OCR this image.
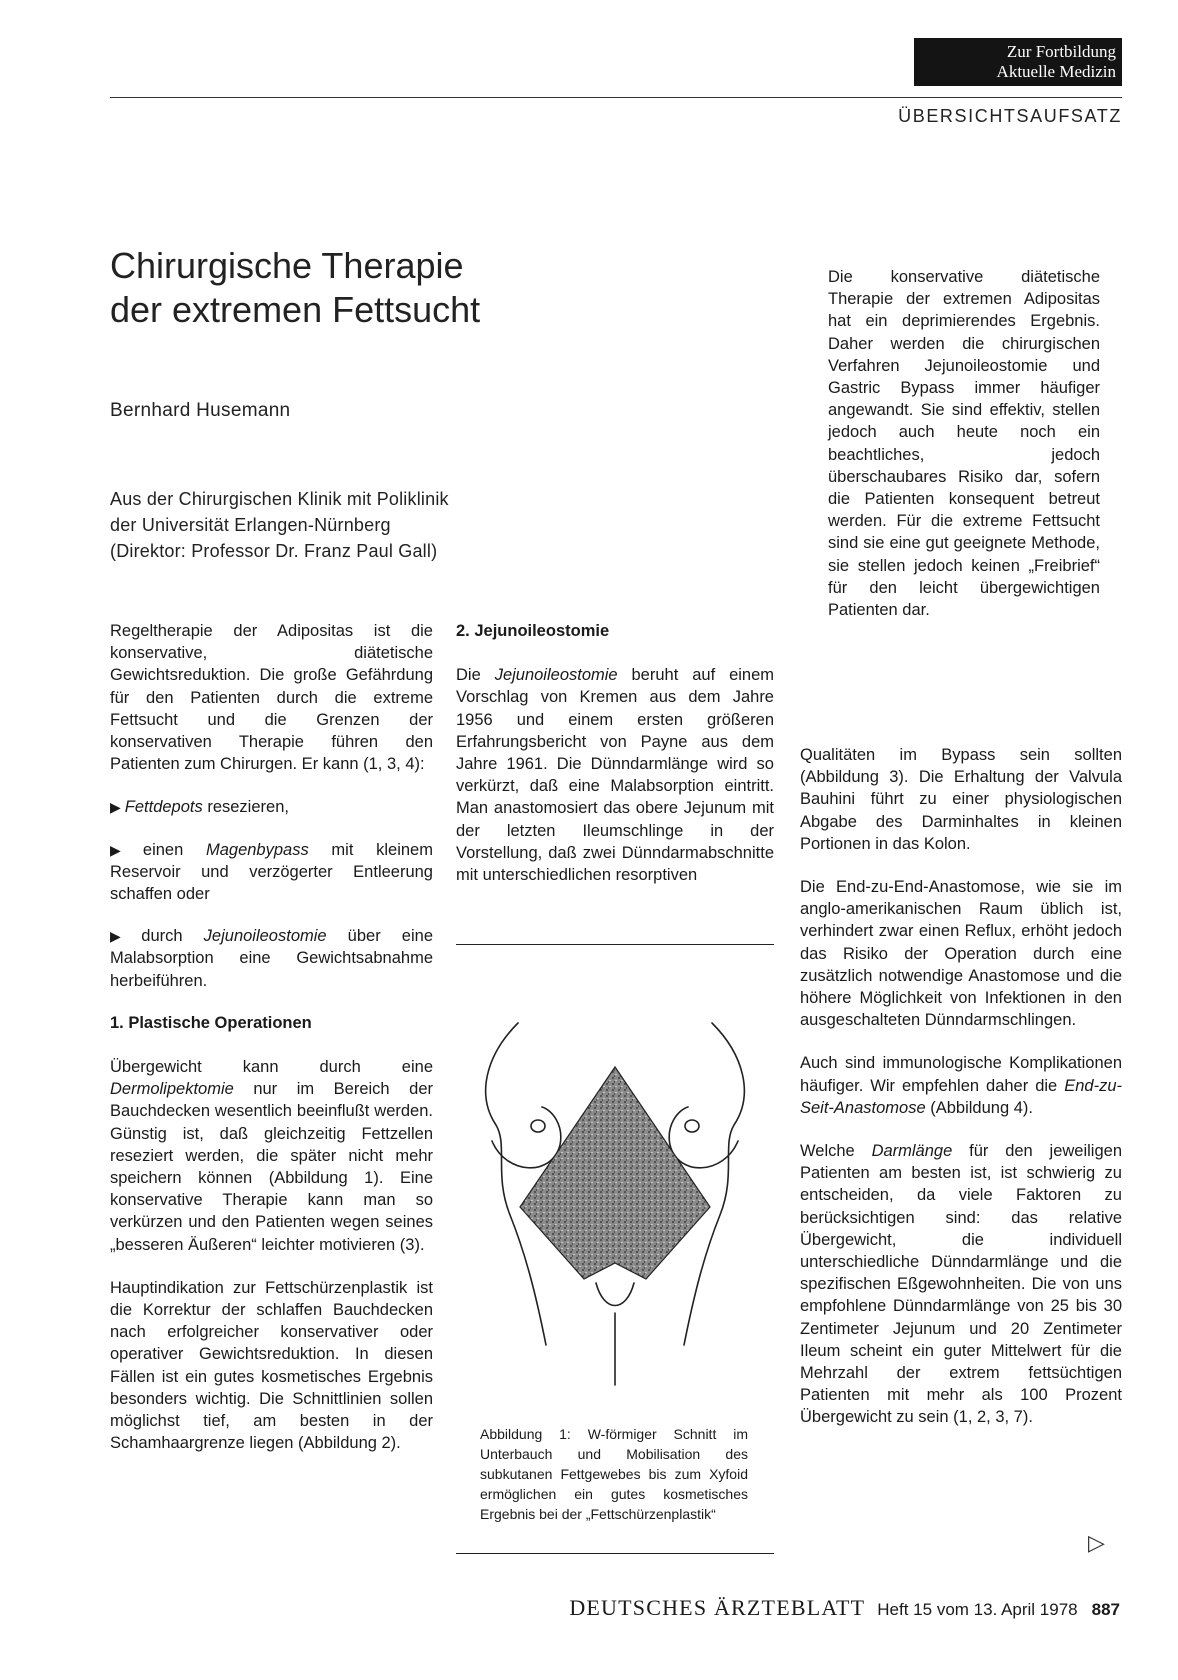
Zur Fortbildung
Aktuelle Medizin
ÜBERSICHTSAUFSATZ
Chirurgische Therapie
der extremen Fettsucht
Bernhard Husemann
Aus der Chirurgischen Klinik mit Poliklinik
der Universität Erlangen-Nürnberg
(Direktor: Professor Dr. Franz Paul Gall)
Die konservative diätetische Therapie der extremen Adipositas hat ein deprimierendes Ergebnis. Daher werden die chirurgischen Verfahren Jejunoileostomie und Gastric Bypass immer häufiger angewandt. Sie sind effektiv, stellen jedoch auch heute noch ein beachtliches, jedoch überschaubares Risiko dar, sofern die Patienten konsequent betreut werden. Für die extreme Fettsucht sind sie eine gut geeignete Methode, sie stellen jedoch keinen „Freibrief“ für den leicht übergewichtigen Patienten dar.

Regeltherapie der Adipositas ist die konservative, diätetische Gewichtsreduktion. Die große Gefährdung für den Patienten durch die extreme Fettsucht und die Grenzen der konservativen Therapie führen den Patienten zum Chirurgen. Er kann (1, 3, 4):

▶ Fettdepots resezieren,

▶ einen Magenbypass mit kleinem Reservoir und verzögerter Entleerung schaffen oder

▶ durch Jejunoileostomie über eine Malabsorption eine Gewichtsabnahme herbeiführen.

1. Plastische Operationen

Übergewicht kann durch eine Dermolipektomie nur im Bereich der Bauchdecken wesentlich beeinflußt werden. Günstig ist, daß gleichzeitig Fettzellen reseziert werden, die später nicht mehr speichern können (Abbildung 1). Eine konservative Therapie kann man so verkürzen und den Patienten wegen seines „besseren Äußeren“ leichter motivieren (3).

Hauptindikation zur Fettschürzenplastik ist die Korrektur der schlaffen Bauchdecken nach erfolgreicher konservativer oder operativer Gewichtsreduktion. In diesen Fällen ist ein gutes kosmetisches Ergebnis besonders wichtig. Die Schnittlinien sollen möglichst tief, am besten in der Schamhaargrenze liegen (Abbildung 2).

2. Jejunoileostomie

Die Jejunoileostomie beruht auf einem Vorschlag von Kremen aus dem Jahre 1956 und einem ersten größeren Erfahrungsbericht von Payne aus dem Jahre 1961. Die Dünndarmlänge wird so verkürzt, daß eine Malabsorption eintritt. Man anastomosiert das obere Jejunum mit der letzten Ileumschlinge in der Vorstellung, daß zwei Dünndarmabschnitte mit unterschiedlichen resorptiven

Abbildung 1: W-förmiger Schnitt im Unterbauch und Mobilisation des subkutanen Fettgewebes bis zum Xyfoid ermöglichen ein gutes kosmetisches Ergebnis bei der „Fettschürzenplastik“

Qualitäten im Bypass sein sollten (Abbildung 3). Die Erhaltung der Valvula Bauhini führt zu einer physiologischen Abgabe des Darminhaltes in kleinen Portionen in das Kolon.

Die End-zu-End-Anastomose, wie sie im anglo-amerikanischen Raum üblich ist, verhindert zwar einen Reflux, erhöht jedoch das Risiko der Operation durch eine zusätzlich notwendige Anastomose und die höhere Möglichkeit von Infektionen in den ausgeschalteten Dünndarmschlingen.

Auch sind immunologische Komplikationen häufiger. Wir empfehlen daher die End-zu-Seit-Anastomose (Abbildung 4).

Welche Darmlänge für den jeweiligen Patienten am besten ist, ist schwierig zu entscheiden, da viele Faktoren zu berücksichtigen sind: das relative Übergewicht, die individuell unterschiedliche Dünndarmlänge und die spezifischen Eßgewohnheiten. Die von uns empfohlene Dünndarmlänge von 25 bis 30 Zentimeter Jejunum und 20 Zentimeter Ileum scheint ein guter Mittelwert für die Mehrzahl der extrem fettsüchtigen Patienten mit mehr als 100 Prozent Übergewicht zu sein (1, 2, 3, 7).

▷
DEUTSCHES ÄRZTEBLATT Heft 15 vom 13. April 1978 887
